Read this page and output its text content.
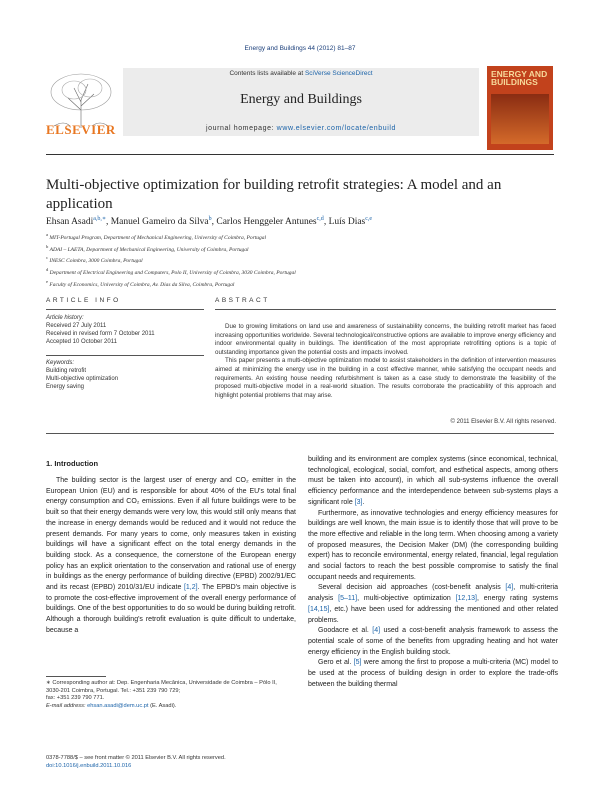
Energy and Buildings 44 (2012) 81–87
ELSEVIER
Contents lists available at SciVerse ScienceDirect
Energy and Buildings
journal homepage: www.elsevier.com/locate/enbuild
ENERGY AND BUILDINGS
Multi-objective optimization for building retrofit strategies: A model and an application
Ehsan Asadi$^{a,b,∗}$, Manuel Gameiro da Silva$^b$, Carlos Henggeler Antunes$^{c,d}$, Luís Dias$^{c,e}$
$^a$ MIT-Portugal Program, Department of Mechanical Engineering, University of Coimbra, Portugal
$^b$ ADAI – LAETA, Department of Mechanical Engineering, University of Coimbra, Portugal
$^c$ INESC Coimbra, 3000 Coimbra, Portugal
$^d$ Department of Electrical Engineering and Computers, Polo II, University of Coimbra, 3030 Coimbra, Portugal
$^e$ Faculty of Economics, University of Coimbra, Av. Dias da Silva, Coimbra, Portugal
ARTICLE INFO
Article history:
Received 27 July 2011
Received in revised form 7 October 2011
Accepted 10 October 2011
Keywords:
Building retrofit
Multi-objective optimization
Energy saving
ABSTRACT

Due to growing limitations on land use and awareness of sustainability concerns, the building retrofit market has faced increasing opportunities worldwide. Several technological/constructive options are available to improve energy efficiency and indoor environmental quality in buildings. The identification of the most appropriate retrofitting options is a topic of outstanding importance given the potential costs and impacts involved.

This paper presents a multi-objective optimization model to assist stakeholders in the definition of intervention measures aimed at minimizing the energy use in the building in a cost effective manner, while satisfying the occupant needs and requirements. An existing house needing refurbishment is taken as a case study to demonstrate the feasibility of the proposed multi-objective model in a real-world situation. The results corroborate the practicability of this approach and highlight potential problems that may arise.

© 2011 Elsevier B.V. All rights reserved.
1. Introduction

The building sector is the largest user of energy and CO₂ emitter in the European Union (EU) and is responsible for about 40% of the EU's total final energy consumption and CO₂ emissions. Even if all future buildings were to be built so that their energy demands were very low, this would still only means that the increase in energy demands would be reduced and it would not reduce the present demands. For many years to come, only measures taken in existing buildings will have a significant effect on the total energy demands in the building stock. As a consequence, the cornerstone of the European energy policy has an explicit orientation to the conservation and rational use of energy in buildings as the energy performance of building directive (EPBD) 2002/91/EC and its recast (EPBD) 2010/31/EU indicate [1,2]. The EPBD's main objective is to promote the cost-effective improvement of the overall energy performance of buildings. One of the best opportunities to do so would be during building retrofit. Although a thorough building's retrofit evaluation is quite difficult to undertake, because a

building and its environment are complex systems (since economical, technical, technological, ecological, social, comfort, and esthetical aspects, among others must be taken into account), in which all sub-systems influence the overall efficiency performance and the interdependence between sub-systems plays a significant role [3].

Furthermore, as innovative technologies and energy efficiency measures for buildings are well known, the main issue is to identify those that will prove to be the more effective and reliable in the long term. When choosing among a variety of proposed measures, the Decision Maker (DM) (the corresponding building expert) has to reconcile environmental, energy related, financial, legal regulation and social factors to reach the best possible compromise to satisfy the final occupant needs and requirements.

Several decision aid approaches (cost-benefit analysis [4], multi-criteria analysis [5–11], multi-objective optimization [12,13], energy rating systems [14,15], etc.) have been used for addressing the mentioned and other related problems.

Goodacre et al. [4] used a cost-benefit analysis framework to assess the potential scale of some of the benefits from upgrading heating and hot water energy efficiency in the English building stock.

Gero et al. [5] were among the first to propose a multi-criteria (MC) model to be used at the process of building design in order to explore the trade-offs between the building thermal

∗ Corresponding author at: Dep. Engenharia Mecânica, Universidade de Coimbra – Pólo II, 3030-201 Coimbra, Portugal. Tel.: +351 239 790 729;
fax: +351 239 790 771.
E-mail address: ehsan.asadi@dem.uc.pt (E. Asadi).
0378-7788/$ – see front matter © 2011 Elsevier B.V. All rights reserved.
doi:10.1016/j.enbuild.2011.10.016
